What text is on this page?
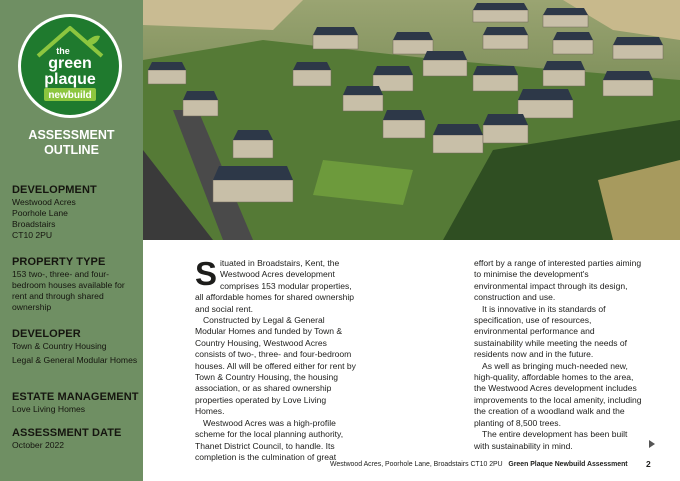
the
green
plaque
newbuild
ASSESSMENT
OUTLINE
DEVELOPMENT

Westwood Acres

Poorhole Lane

Broadstairs

CT10 2PU

PROPERTY TYPE

153 two-, three- and four-bedroom houses available for rent and through shared ownership

DEVELOPER

Town & Country Housing

Legal & General Modular Homes

ESTATE MANAGEMENT

Love Living Homes

ASSESSMENT DATE

October 2022

S ituated in Broadstairs, Kent, the Westwood Acres development comprises 153 modular properties, all affordable homes for shared ownership and social rent.

Constructed by Legal & General Modular Homes and funded by Town & Country Housing, Westwood Acres consists of two-, three- and four-bedroom houses. All will be offered either for rent by Town & Country Housing, the housing association, or as shared ownership properties operated by Love Living Homes.

Westwood Acres was a high-profile scheme for the local planning authority, Thanet District Council, to handle. Its completion is the culmination of great

effort by a range of interested parties aiming to minimise the development's environmental impact through its design, construction and use.

It is innovative in its standards of specification, use of resources, environmental performance and sustainability while meeting the needs of residents now and in the future.

As well as bringing much-needed new, high-quality, affordable homes to the area, the Westwood Acres development includes improvements to the local amenity, including the creation of a woodland walk and the planting of 8,500 trees.

The entire development has been built with sustainability in mind.

Westwood Acres, Poorhole Lane, Broadstairs CT10 2PU Green Plaque Newbuild Assessment	2
